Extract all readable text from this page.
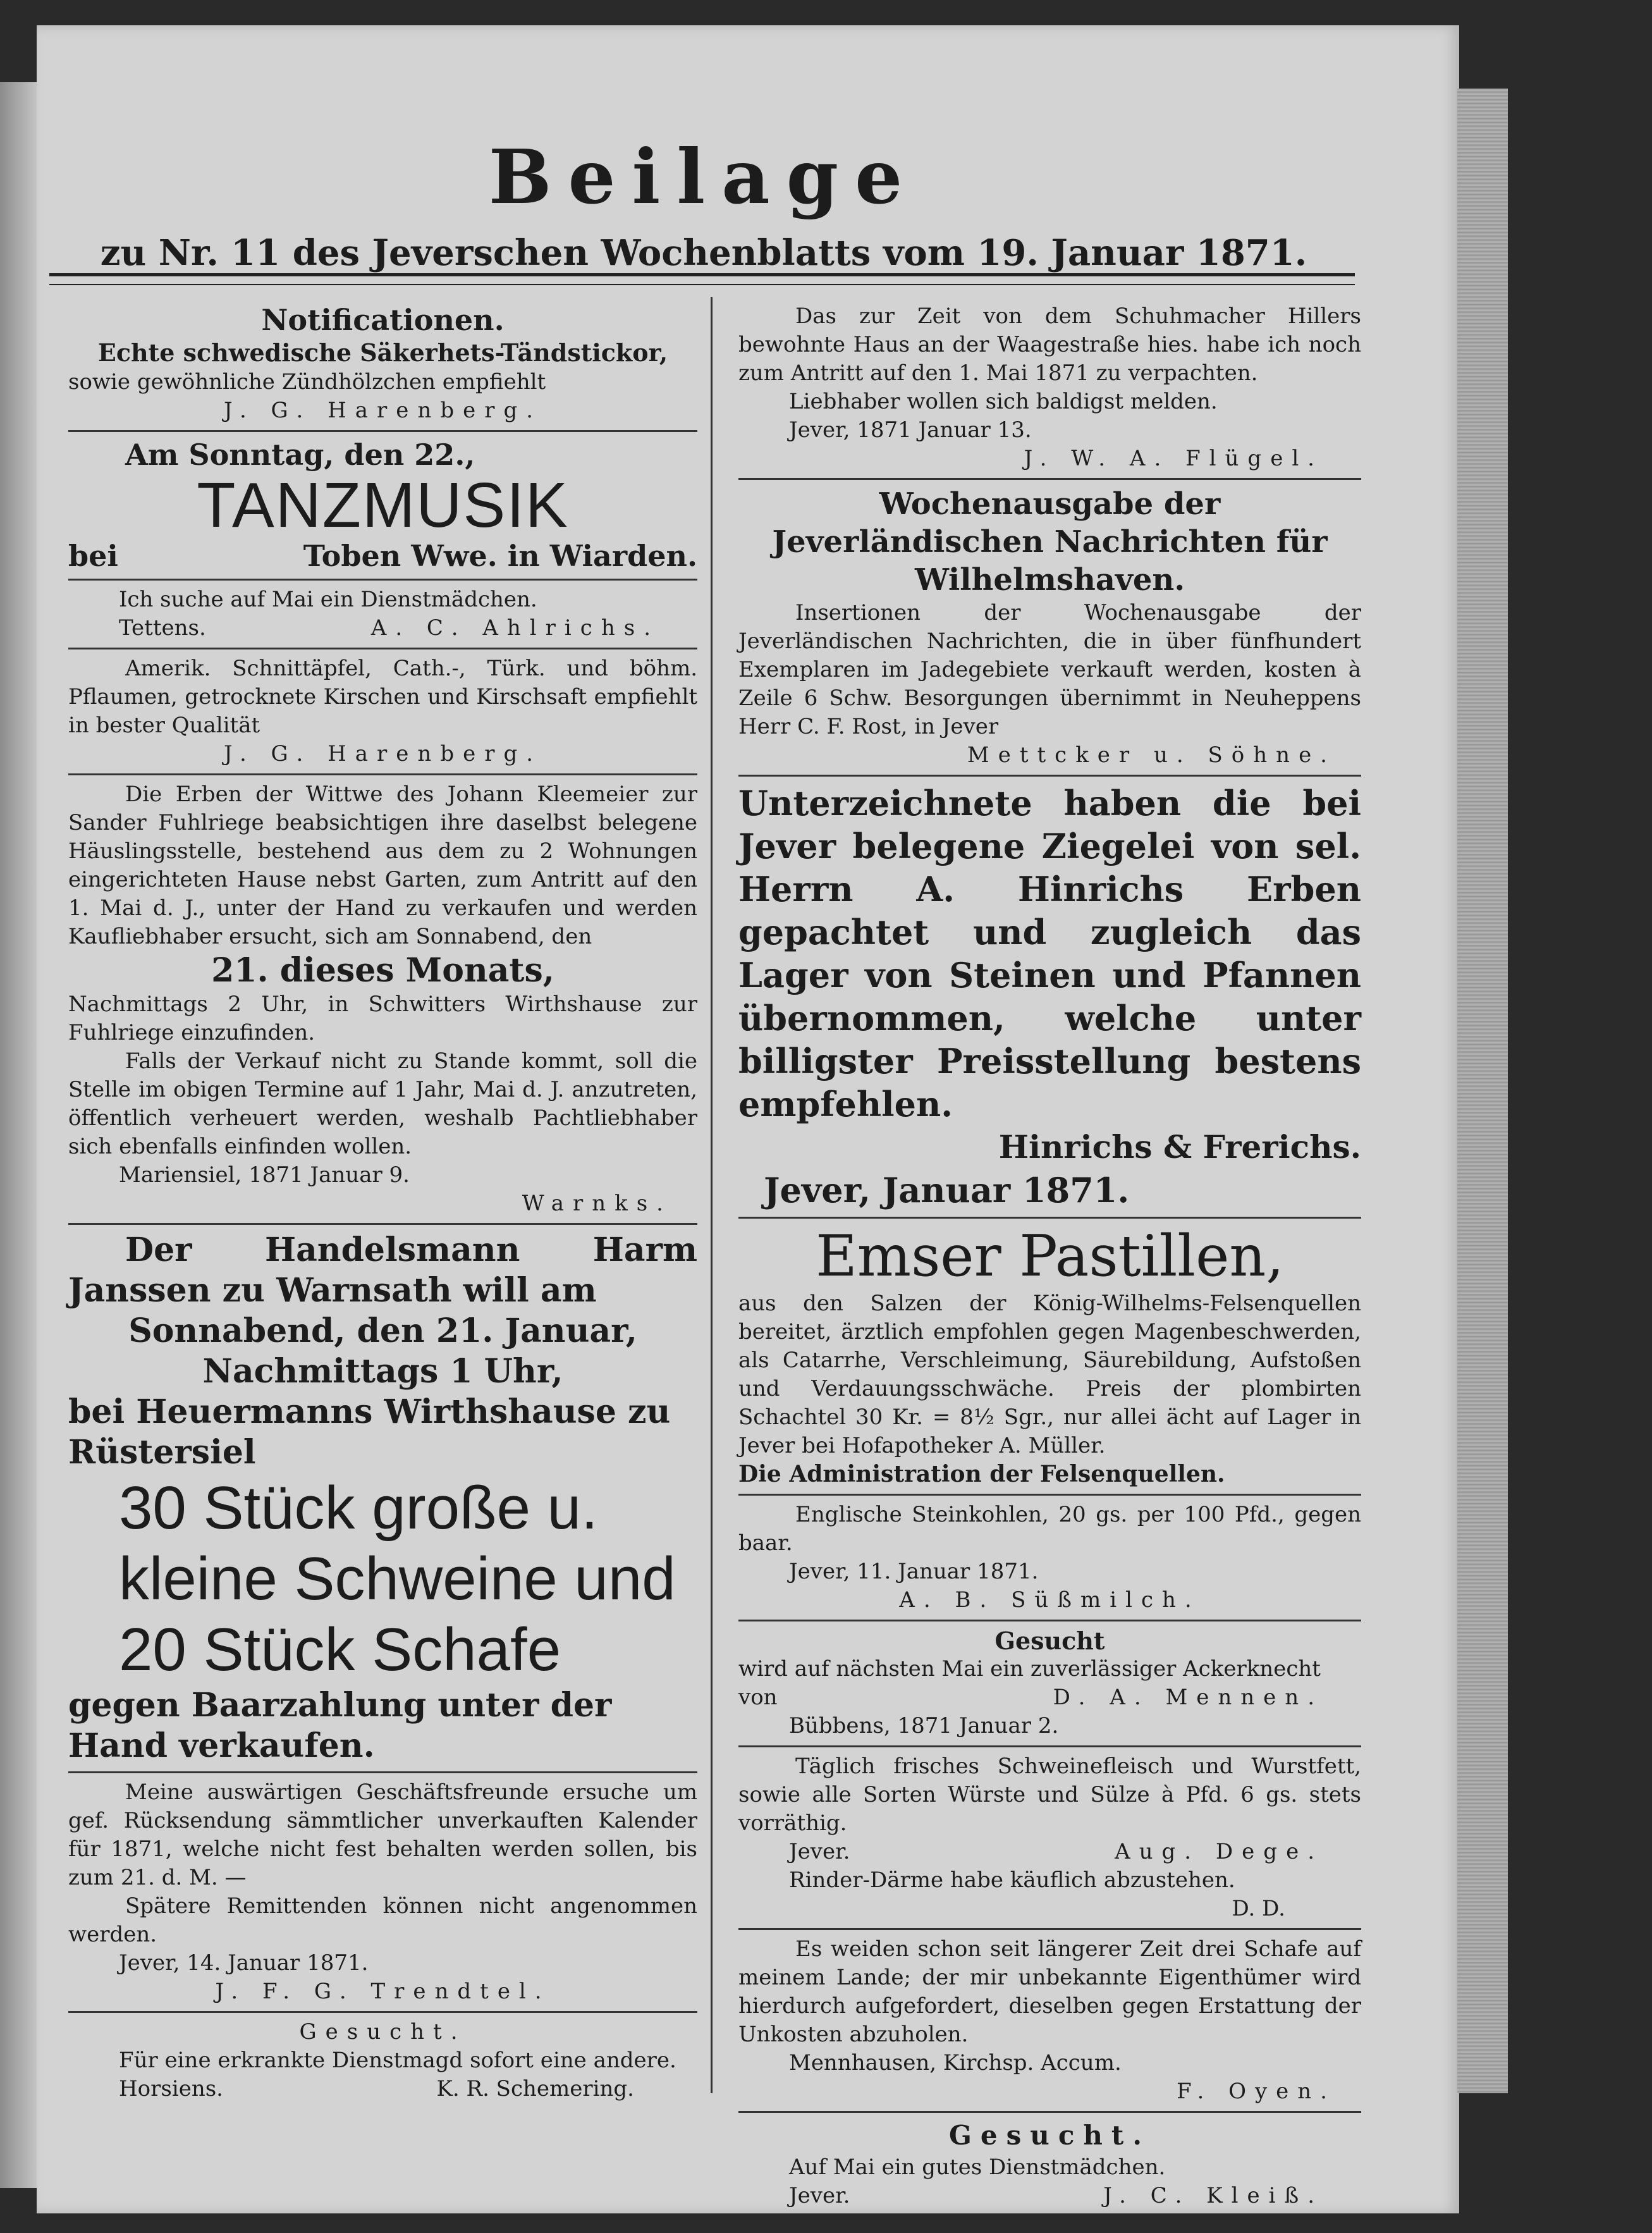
Beilage
zu Nr. 11 des Jeverschen Wochenblatts vom 19. Januar 1871.
Notificationen.
Echte schwedische Säkerhets-Tändstickor,
sowie gewöhnliche Zündhölzchen empfiehlt
J. G. Harenberg.
Am Sonntag, den 22.,
TANZMUSIK
bei	Toben Wwe. in Wiarden.
Ich suche auf Mai ein Dienstmädchen.
Tettens.	A. C. Ahlrichs.
Amerik. Schnittäpfel, Cath.-, Türk. und böhm. Pflaumen, getrocknete Kirschen und Kirschsaft empfiehlt in bester Qualität
J. G. Harenberg.
Die Erben der Wittwe des Johann Kleemeier zur Sander Fuhlriege beabsichtigen ihre daselbst belegene Häuslingsstelle, bestehend aus dem zu 2 Wohnungen eingerichteten Hause nebst Garten, zum Antritt auf den 1. Mai d. J., unter der Hand zu verkaufen und werden Kaufliebhaber ersucht, sich am Sonnabend, den
21. dieses Monats,
Nachmittags 2 Uhr, in Schwitters Wirthshause zur Fuhlriege einzufinden.
Falls der Verkauf nicht zu Stande kommt, soll die Stelle im obigen Termine auf 1 Jahr, Mai d. J. anzutreten, öffentlich verheuert werden, weshalb Pachtliebhaber sich ebenfalls einfinden wollen.
Mariensiel, 1871 Januar 9.
Warnks.
Der Handelsmann Harm Janssen zu Warnsath will am
Sonnabend, den 21. Januar,
Nachmittags 1 Uhr,
bei Heuermanns Wirthshause zu Rüstersiel
30 Stück große u. kleine Schweine und 20 Stück Schafe
gegen Baarzahlung unter der Hand verkaufen.
Meine auswärtigen Geschäftsfreunde ersuche um gef. Rücksendung sämmtlicher unverkauften Kalender für 1871, welche nicht fest behalten werden sollen, bis zum 21. d. M. —
Spätere Remittenden können nicht angenommen werden.
Jever, 14. Januar 1871.
J. F. G. Trendtel.
Gesucht.
Für eine erkrankte Dienstmagd sofort eine andere.
Horsiens.	K. R. Schemering.
Das zur Zeit von dem Schuhmacher Hillers bewohnte Haus an der Waagestraße hies. habe ich noch zum Antritt auf den 1. Mai 1871 zu verpachten.
Liebhaber wollen sich baldigst melden.
Jever, 1871 Januar 13.
J. W. A. Flügel.
Wochenausgabe der Jeverländischen Nachrichten für Wilhelmshaven.
Insertionen der Wochenausgabe der Jeverländischen Nachrichten, die in über fünfhundert Exemplaren im Jadegebiete verkauft werden, kosten à Zeile 6 Schw. Besorgungen übernimmt in Neuheppens Herr C. F. Rost, in Jever
Mettcker u. Söhne.
Unterzeichnete haben die bei Jever belegene Ziegelei von sel. Herrn A. Hinrichs Erben gepachtet und zugleich das Lager von Steinen und Pfannen übernommen, welche unter billigster Preisstellung bestens empfehlen.
Hinrichs & Frerichs.
Jever, Januar 1871.
Emser Pastillen,
aus den Salzen der König-Wilhelms-Felsenquellen bereitet, ärztlich empfohlen gegen Magenbeschwerden, als Catarrhe, Verschleimung, Säurebildung, Aufstoßen und Verdauungsschwäche. Preis der plombirten Schachtel 30 Kr. = 8½ Sgr., nur allei ächt auf Lager in Jever bei Hofapotheker A. Müller.
Die Administration der Felsenquellen.
Englische Steinkohlen, 20 gs. per 100 Pfd., gegen baar.
Jever, 11. Januar 1871.
A. B. Süßmilch.
Gesucht
wird auf nächsten Mai ein zuverlässiger Ackerknecht
von	D. A. Mennen.
Bübbens, 1871 Januar 2.
Täglich frisches Schweinefleisch und Wurstfett, sowie alle Sorten Würste und Sülze à Pfd. 6 gs. stets vorräthig.
Jever.	Aug. Dege.
Rinder-Därme habe käuflich abzustehen.
D. D.
Es weiden schon seit längerer Zeit drei Schafe auf meinem Lande; der mir unbekannte Eigenthümer wird hierdurch aufgefordert, dieselben gegen Erstattung der Unkosten abzuholen.
Mennhausen, Kirchsp. Accum.
F. Oyen.
Gesucht.
Auf Mai ein gutes Dienstmädchen.
Jever.	J. C. Kleiß.
